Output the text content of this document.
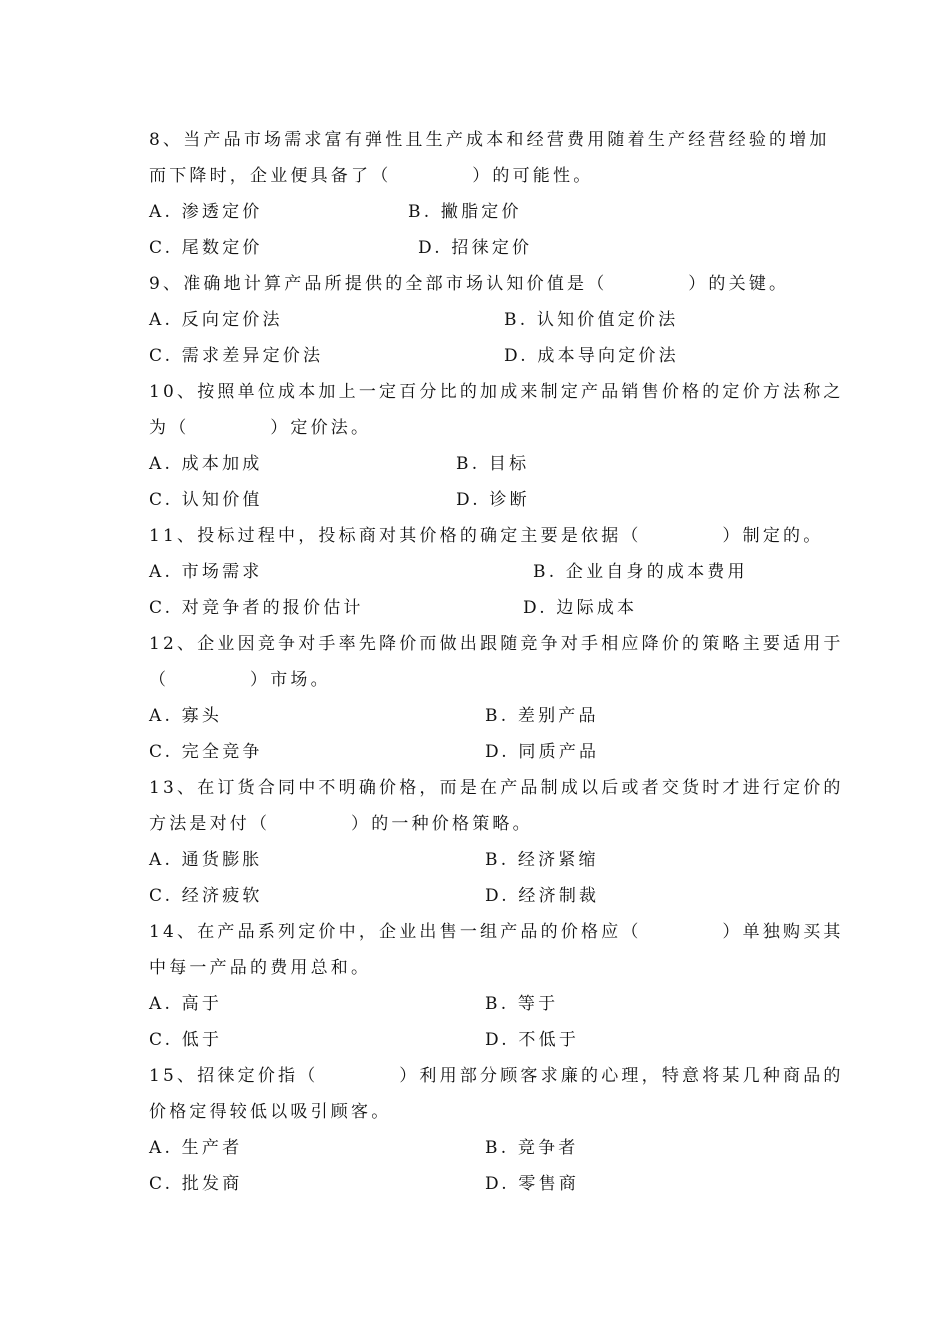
8、当产品市场需求富有弹性且生产成本和经营费用随着生产经营经验的增加
而下降时，企业便具备了（　　　　）的可能性。
A. 渗透定价	B. 撇脂定价
C. 尾数定价	D. 招徕定价
9、准确地计算产品所提供的全部市场认知价值是（　　　　）的关键。
A. 反向定价法	B. 认知价值定价法
C. 需求差异定价法	D. 成本导向定价法
10、按照单位成本加上一定百分比的加成来制定产品销售价格的定价方法称之
为（　　　　）定价法。
A. 成本加成	B. 目标
C. 认知价值	D. 诊断
11、投标过程中，投标商对其价格的确定主要是依据（　　　　）制定的。
A. 市场需求	B. 企业自身的成本费用
C. 对竞争者的报价估计	D. 边际成本
12、企业因竞争对手率先降价而做出跟随竞争对手相应降价的策略主要适用于
（　　　　）市场。
A. 寡头	B. 差别产品
C. 完全竞争	D. 同质产品
13、在订货合同中不明确价格，而是在产品制成以后或者交货时才进行定价的
方法是对付（　　　　）的一种价格策略。
A. 通货膨胀	B. 经济紧缩
C. 经济疲软	D. 经济制裁
14、在产品系列定价中，企业出售一组产品的价格应（　　　　）单独购买其
中每一产品的费用总和。
A. 高于	B. 等于
C. 低于	D. 不低于
15、招徕定价指（　　　　）利用部分顾客求廉的心理，特意将某几种商品的
价格定得较低以吸引顾客。
A. 生产者	B. 竞争者
C. 批发商	D. 零售商
